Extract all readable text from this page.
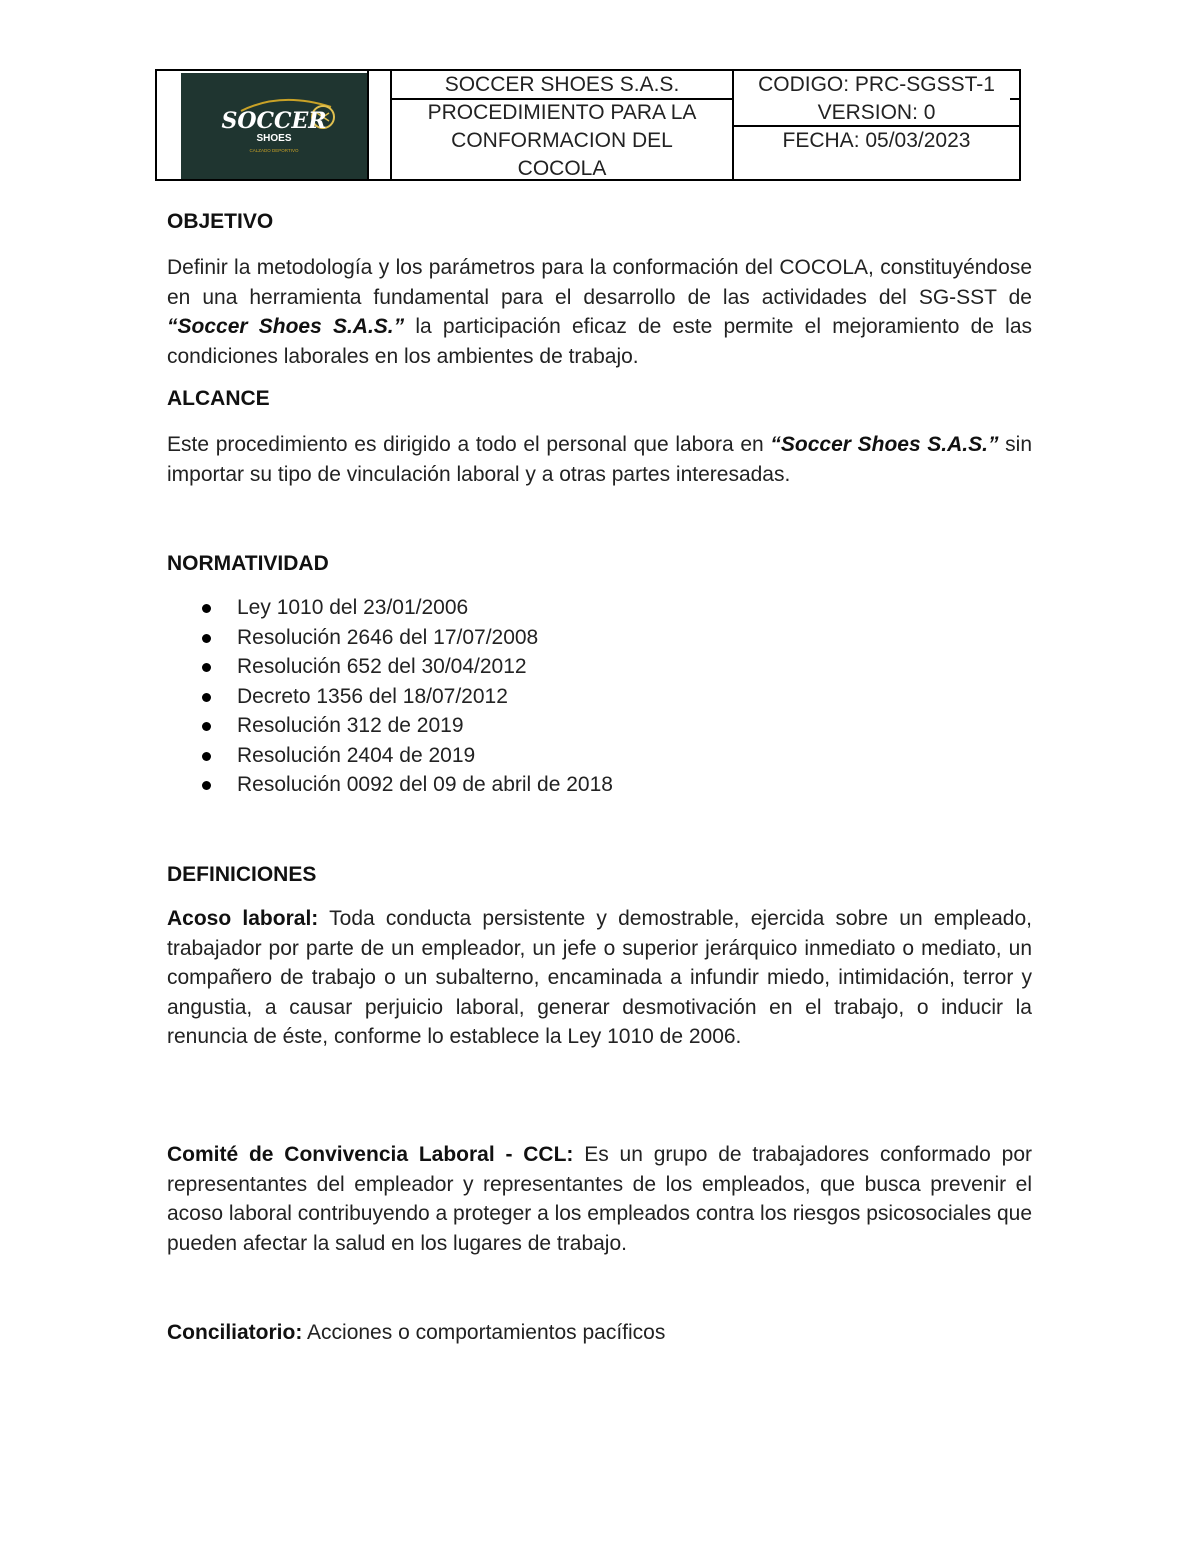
SOCCER
SHOES
CALZADO DEPORTIVO
SOCCER SHOES S.A.S.
PROCEDIMIENTO PARA LA CONFORMACION DEL COCOLA
CODIGO: PRC-SGSST-1
VERSION: 0
FECHA: 05/03/2023
OBJETIVO
Definir la metodología y los parámetros para la conformación del COCOLA, constituyéndose en una herramienta fundamental para el desarrollo de las actividades del SG-SST de “Soccer Shoes S.A.S.” la participación eficaz de este permite el mejoramiento de las condiciones laborales en los ambientes de trabajo.
ALCANCE
Este procedimiento es dirigido a todo el personal que labora en “Soccer Shoes S.A.S.” sin importar su tipo de vinculación laboral y a otras partes interesadas.
NORMATIVIDAD
Ley 1010 del 23/01/2006
Resolución 2646 del 17/07/2008
Resolución 652 del 30/04/2012
Decreto 1356 del 18/07/2012
Resolución 312 de 2019
Resolución 2404 de 2019
Resolución 0092 del 09 de abril de 2018
DEFINICIONES
Acoso laboral: Toda conducta persistente y demostrable, ejercida sobre un empleado, trabajador por parte de un empleador, un jefe o superior jerárquico inmediato o mediato, un compañero de trabajo o un subalterno, encaminada a infundir miedo, intimidación, terror y angustia, a causar perjuicio laboral, generar desmotivación en el trabajo, o inducir la renuncia de éste, conforme lo establece la Ley 1010 de 2006.
Comité de Convivencia Laboral - CCL: Es un grupo de trabajadores conformado por representantes del empleador y representantes de los empleados, que busca prevenir el acoso laboral contribuyendo a proteger a los empleados contra los riesgos psicosociales que pueden afectar la salud en los lugares de trabajo.
Conciliatorio: Acciones o comportamientos pacíficos
